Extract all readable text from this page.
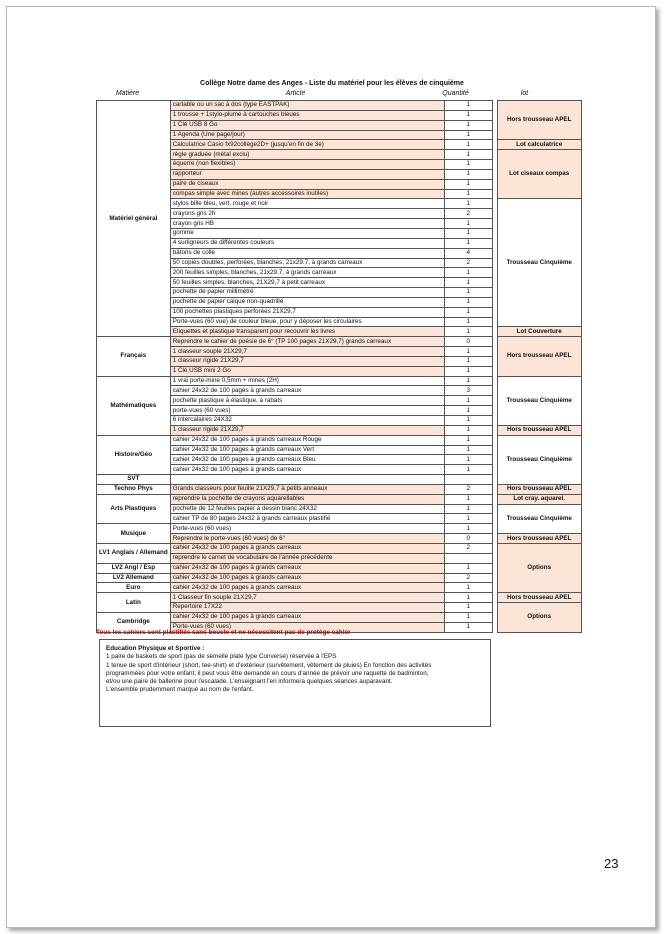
Collège Notre dame des Anges - Liste du matériel pour les élèves de cinquième
Matière	Article	Quantité	lot
Matériel général	cartable ou un sac à dos (type EASTPAK)	1		Hors trousseau APEL
	1 trousse + 1stylo-plume à cartouches bleues	1		
	1 Clé USB 8 Go	1		
	1 Agenda (Une page/jour)	1		
	Calculatrice Casio fx92collège2D+ (jusqu'en fin de 3e)	1		Lot calculatrice
	règle graduée (métal exclu)	1		Lot ciseaux compas
	équerre (non flexibles)	1		
	rapporteur	1		
	paire de ciseaux	1		
	compas simple avec mines (autres accessoires inutiles)	1		
	stylos bille bleu, vert, rouge et noir	1		Trousseau Cinquième
	crayons gris 2h	2		
	crayon gris HB	1		
	gomme	1		
	4 surligneurs de différentes couleurs	1		
	bâtons de colle	4		
	50 copies doubles, perforées, blanches, 21x29.7, à grands carreaux	2		
	200 feuilles simples, blanches, 21x29.7, à grands carreaux	1		
	50 feuilles simples, blanches, 21X29,7 à petit carreaux	1		
	pochette de papier millimétré	1		
	pochette de papier calque non-quadrillé	1		
	100 pochettes plastiques perforées 21X29,7	1		
	Porte-vues (60 vue) de couleur bleue, pour y déposer les circulaires	1		
	Etiquettes et plastique transparent pour recouvrir les livres	1		Lot Couverture
Français	Reprendre le cahier de poésie de 6° (TP 100 pages 21X29,7) grands carreaux	0		Hors trousseau APEL
	1 classeur souple 21X29,7	1		
	1 classeur rigide 21X29,7	1		
	1 Clé USB mini 2 Go	1		
Mathématiques	1 vrai porte-mine 0,5mm + mines (2H)	1		Trousseau Cinquième
	cahier 24x32 de 100 pages à grands carreaux	3		
	pochette plastique à élastique, à rabats	1		
	porte-vues (60 vues)	1		
	6 intercalaires 24X32	1		
	1 classeur rigide 21X29,7	1		Hors trousseau APEL
Histoire/Géo	cahier 24x32 de 100 pages à grands carreaux Rouge	1		Trousseau Cinquième
	cahier 24x32 de 100 pages à grands carreaux Vert	1		
	cahier 24x32 de 100 pages à grands carreaux Bleu	1		
	cahier 24x32 de 100 pages à grands carreaux	1		
SVT				
Techno Phys	Grands classeurs pour feuille 21X29,7 à petits anneaux	2		Hors trousseau APEL
Arts Plastiques	reprendre la pochette de crayons aquarellables	1		Lot cray. aquarel.
	pochette de 12 feuilles papier à dessin blanc 24X32	1		Trousseau Cinquième
	cahier TP de 80 pages 24x32 à grands carreaux plastifié	1		
Musique	Porte-vues (60 vues)	1		
	Reprendre le porte-vues (60 vues) de 6°	0		Hors trousseau APEL
LV1 Anglais / Allemand	cahier 24x32 de 100 pages à grands carreaux	2		Options
	reprendre le carnet de vocabulaire de l'année précédente			
LV2 Angl / Esp	cahier 24x32 de 100 pages à grands carreaux	1		
LV2 Allemand	cahier 24x32 de 100 pages à grands carreaux	2		
Euro	cahier 24x32 de 100 pages à grands carreaux	1		
Latin	1 Classeur fin souple 21X29,7	1		Hors trousseau APEL
	Repertoire 17X22	1		Options
Cambridge	cahier 24x32 de 100 pages à grands carreaux	1		
	Porte-vues (60 vues)	1		
Tous les cahiers sont plastifiés sans boucle et ne nécessitent pas de protège cahier
Education Physique et Sportive :
1 paire de baskets de sport (pas de semelle plate type Converse) réservée à l'EPS
1 tenue de sport d'intérieur (short, tee-shirt) et d'extérieur (survêtement, vêtement de pluies) En fonction des activités
programmées pour votre enfant, il peut vous être demandé en cours d'année de prévoir une raquette de badminton,
et/ou une paire de ballerine pour l'escalade. L'enseignant l'en informera quelques séances auparavant.
L'ensemble prudemment marqué au nom de l'enfant.
23
